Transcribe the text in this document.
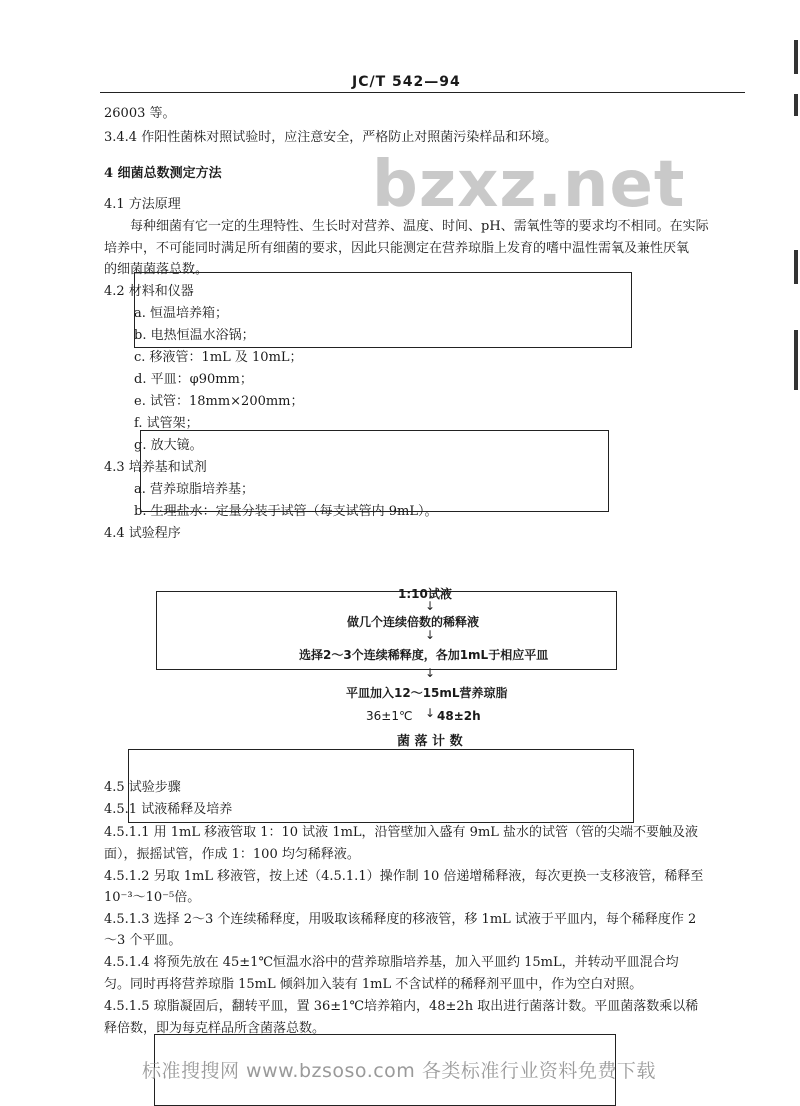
JC/T 542—94
bzxz.net
26003 等。
3.4.4 作阳性菌株对照试验时，应注意安全，严格防止对照菌污染样品和环境。
4 细菌总数测定方法
4.1 方法原理
每种细菌有它一定的生理特性、生长时对营养、温度、时间、pH、需氧性等的要求均不相同。在实际
培养中，不可能同时满足所有细菌的要求，因此只能测定在营养琼脂上发育的嗜中温性需氧及兼性厌氧
的细菌菌落总数。
4.2 材料和仪器
a. 恒温培养箱；
b. 电热恒温水浴锅；
c. 移液管：1mL 及 10mL；
d. 平皿：φ90mm；
e. 试管：18mm×200mm；
f. 试管架；
g. 放大镜。
4.3 培养基和试剂
a. 营养琼脂培养基；
b. 生理盐水：定量分装于试管（每支试管内 9mL）。
4.4 试验程序
1:10试液
↓
做几个连续倍数的稀释液
↓
选择2～3个连续稀释度，各加1mL于相应平皿
↓
平皿加入12～15mL营养琼脂
36±1℃ ↓ 48±2h
菌 落 计 数
4.5 试验步骤
4.5.1 试液稀释及培养
4.5.1.1 用 1mL 移液管取 1：10 试液 1mL，沿管壁加入盛有 9mL 盐水的试管（管的尖端不要触及液
面），振摇试管，作成 1：100 均匀稀释液。
4.5.1.2 另取 1mL 移液管，按上述（4.5.1.1）操作制 10 倍递增稀释液，每次更换一支移液管，稀释至
10⁻³～10⁻⁵倍。
4.5.1.3 选择 2～3 个连续稀释度，用吸取该稀释度的移液管，移 1mL 试液于平皿内，每个稀释度作 2
～3 个平皿。
4.5.1.4 将预先放在 45±1℃恒温水浴中的营养琼脂培养基，加入平皿约 15mL，并转动平皿混合均
匀。同时再将营养琼脂 15mL 倾斜加入装有 1mL 不含试样的稀释剂平皿中，作为空白对照。
4.5.1.5 琼脂凝固后，翻转平皿，置 36±1℃培养箱内，48±2h 取出进行菌落计数。平皿菌落数乘以稀
释倍数，即为每克样品所含菌落总数。
标准搜搜网 www.bzsoso.com 各类标准行业资料免费下载
